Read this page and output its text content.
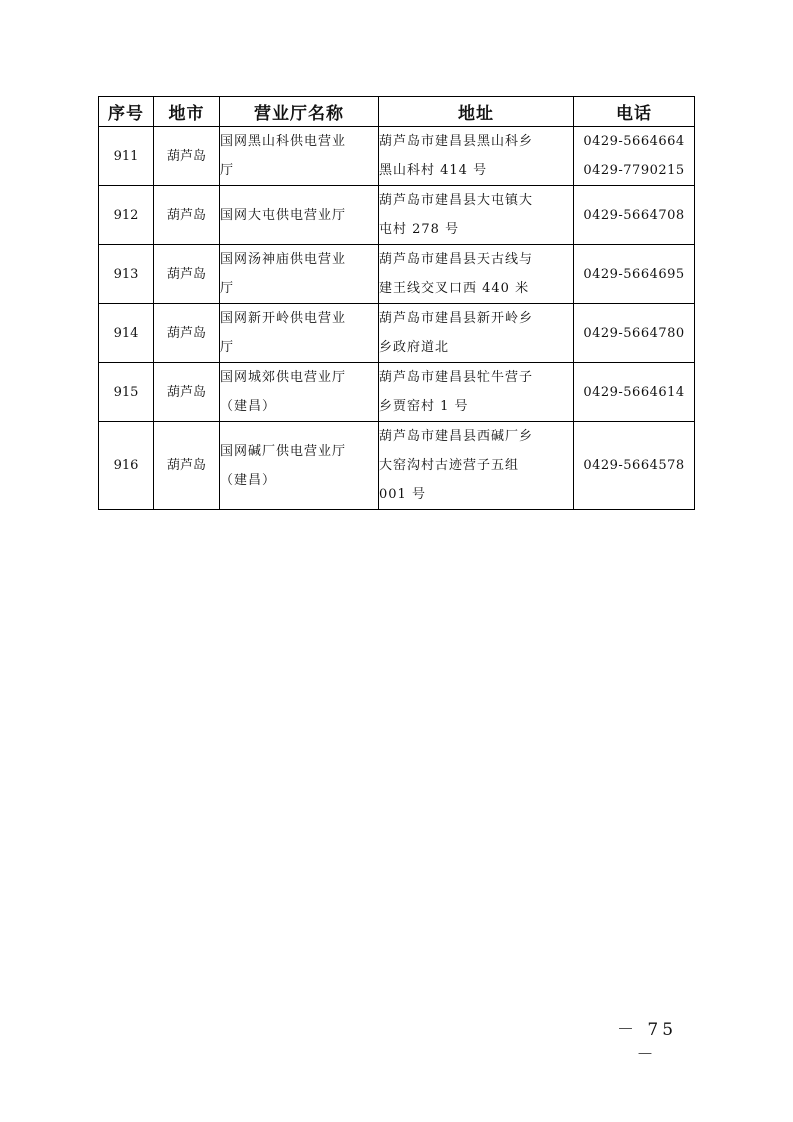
序号	地市	营业厅名称	地址	电话
911	葫芦岛	国网黑山科供电营业
厅	葫芦岛市建昌县黑山科乡
黑山科村 414 号	0429-5664664
0429-7790215

912	葫芦岛	国网大屯供电营业厅	葫芦岛市建昌县大屯镇大
屯村 278 号	0429-5664708

913	葫芦岛	国网汤神庙供电营业
厅	葫芦岛市建昌县天古线与
建王线交叉口西 440 米	0429-5664695

914	葫芦岛	国网新开岭供电营业
厅	葫芦岛市建昌县新开岭乡
乡政府道北	0429-5664780

915	葫芦岛	国网城郊供电营业厅
（建昌）	葫芦岛市建昌县牤牛营子
乡贾窑村 1 号	0429-5664614

916	葫芦岛	国网碱厂供电营业厅
（建昌）	葫芦岛市建昌县西碱厂乡
大窑沟村古迹营子五组
001 号	0429-5664578
－ 75 －
